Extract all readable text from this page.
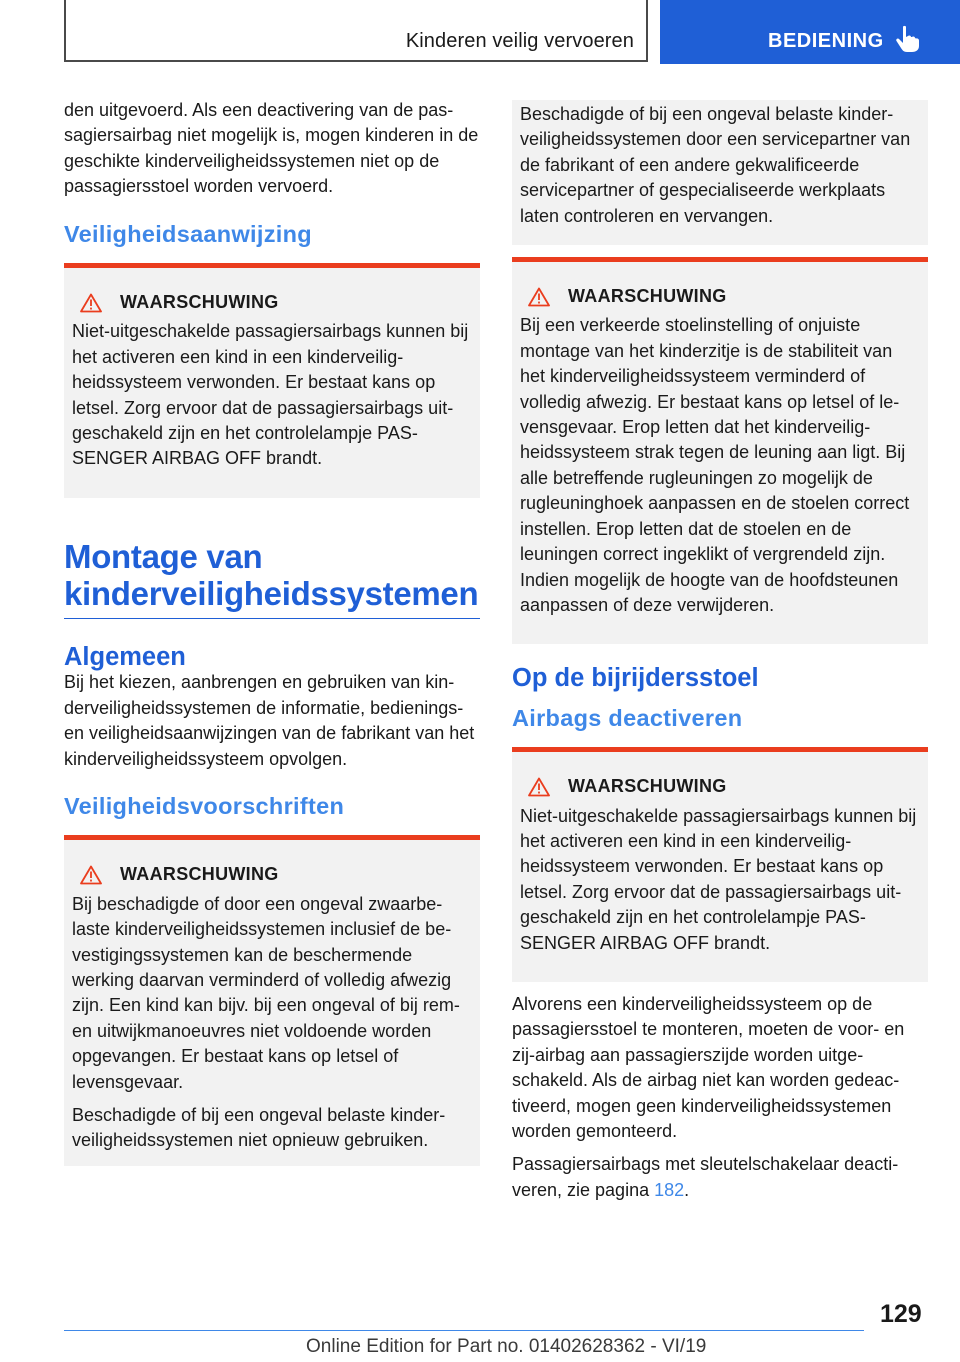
Kinderen veilig vervoeren	BEDIENING

den uitgevoerd. Als een deactivering van de passagiersairbag niet mogelijk is, mogen kinderen in de geschikte kinderveiligheidssystemen niet op de passagiersstoel worden vervoerd.

Veiligheidsaanwijzing
WAARSCHUWING

Niet-uitgeschakelde passagiersairbags kunnen bij het activeren een kind in een kinderveiligheidssysteem verwonden. Er bestaat kans op letsel. Zorg ervoor dat de passagiersairbags uitgeschakeld zijn en het controlelampje PASSENGER AIRBAG OFF brandt.

Montage van kinderveiligheidssystemen
Algemeen

Bij het kiezen, aanbrengen en gebruiken van kinderveiligheidssystemen de informatie, bedienings- en veiligheidsaanwijzingen van de fabrikant van het kinderveiligheidssysteem opvolgen.

Veiligheidsvoorschriften
WAARSCHUWING

Bij beschadigde of door een ongeval zwaarbelaste kinderveiligheidssystemen inclusief de bevestigingssystemen kan de beschermende werking daarvan verminderd of volledig afwezig zijn. Een kind kan bijv. bij een ongeval of bij rem- en uitwijkmanoeuvres niet voldoende worden opgevangen. Er bestaat kans op letsel of levensgevaar.

Beschadigde of bij een ongeval belaste kinderveiligheidssystemen niet opnieuw gebruiken.

Beschadigde of bij een ongeval belaste kinderveiligheidssystemen door een servicepartner van de fabrikant of een andere gekwalificeerde servicepartner of gespecialiseerde werkplaats laten controleren en vervangen.

WAARSCHUWING

Bij een verkeerde stoelinstelling of onjuiste montage van het kinderzitje is de stabiliteit van het kinderveiligheidssysteem verminderd of volledig afwezig. Er bestaat kans op letsel of levensgevaar. Erop letten dat het kinderveiligheidssysteem strak tegen de leuning aan ligt. Bij alle betreffende rugleuningen zo mogelijk de rugleuninghoek aanpassen en de stoelen correct instellen. Erop letten dat de stoelen en de leuningen correct ingeklikt of vergrendeld zijn. Indien mogelijk de hoogte van de hoofdsteunen aanpassen of deze verwijderen.

Op de bijrijdersstoel
Airbags deactiveren
WAARSCHUWING

Niet-uitgeschakelde passagiersairbags kunnen bij het activeren een kind in een kinderveiligheidssysteem verwonden. Er bestaat kans op letsel. Zorg ervoor dat de passagiersairbags uitgeschakeld zijn en het controlelampje PASSENGER AIRBAG OFF brandt.

Alvorens een kinderveiligheidssysteem op de passagiersstoel te monteren, moeten de voor- en zij-airbag aan passagierszijde worden uitgeschakeld. Als de airbag niet kan worden gedeactiveerd, mogen geen kinderveiligheidssystemen worden gemonteerd.

Passagiersairbags met sleutelschakelaar deactiveren, zie pagina 182.

129
Online Edition for Part no. 01402628362 - VI/19
